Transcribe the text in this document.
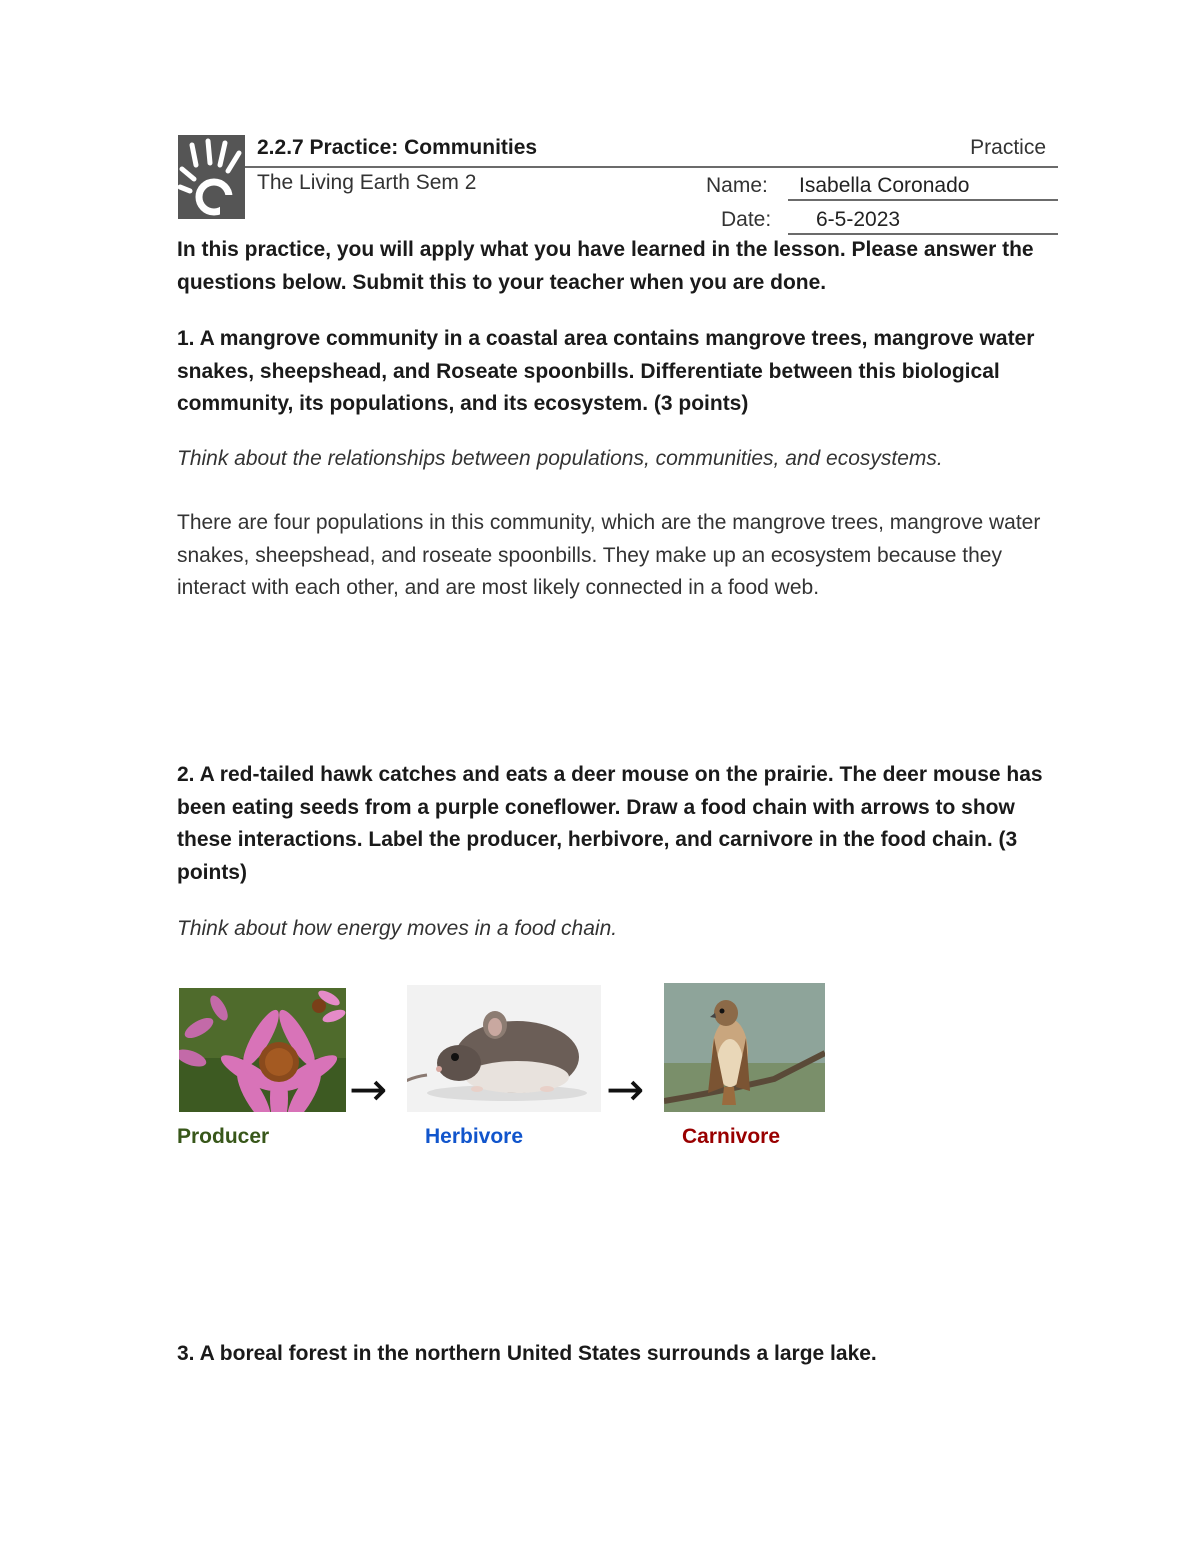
2.2.7 Practice: Communities	Practice
The Living Earth Sem 2	Name: Isabella Coronado
Date: 6-5-2023

In this practice, you will apply what you have learned in the lesson. Please answer the questions below. Submit this to your teacher when you are done.

1. A mangrove community in a coastal area contains mangrove trees, mangrove water snakes, sheepshead, and Roseate spoonbills. Differentiate between this biological community, its populations, and its ecosystem. (3 points)

Think about the relationships between populations, communities, and ecosystems.

There are four populations in this community, which are the mangrove trees, mangrove water snakes, sheepshead, and roseate spoonbills. They make up an ecosystem because they interact with each other, and are most likely connected in a food web.

2. A red-tailed hawk catches and eats a deer mouse on the prairie. The deer mouse has been eating seeds from a purple coneflower. Draw a food chain with arrows to show these interactions. Label the producer, herbivore, and carnivore in the food chain. (3 points)

Think about how energy moves in a food chain.

→	→
Producer	Herbivore	Carnivore

3. A boreal forest in the northern United States surrounds a large lake.
